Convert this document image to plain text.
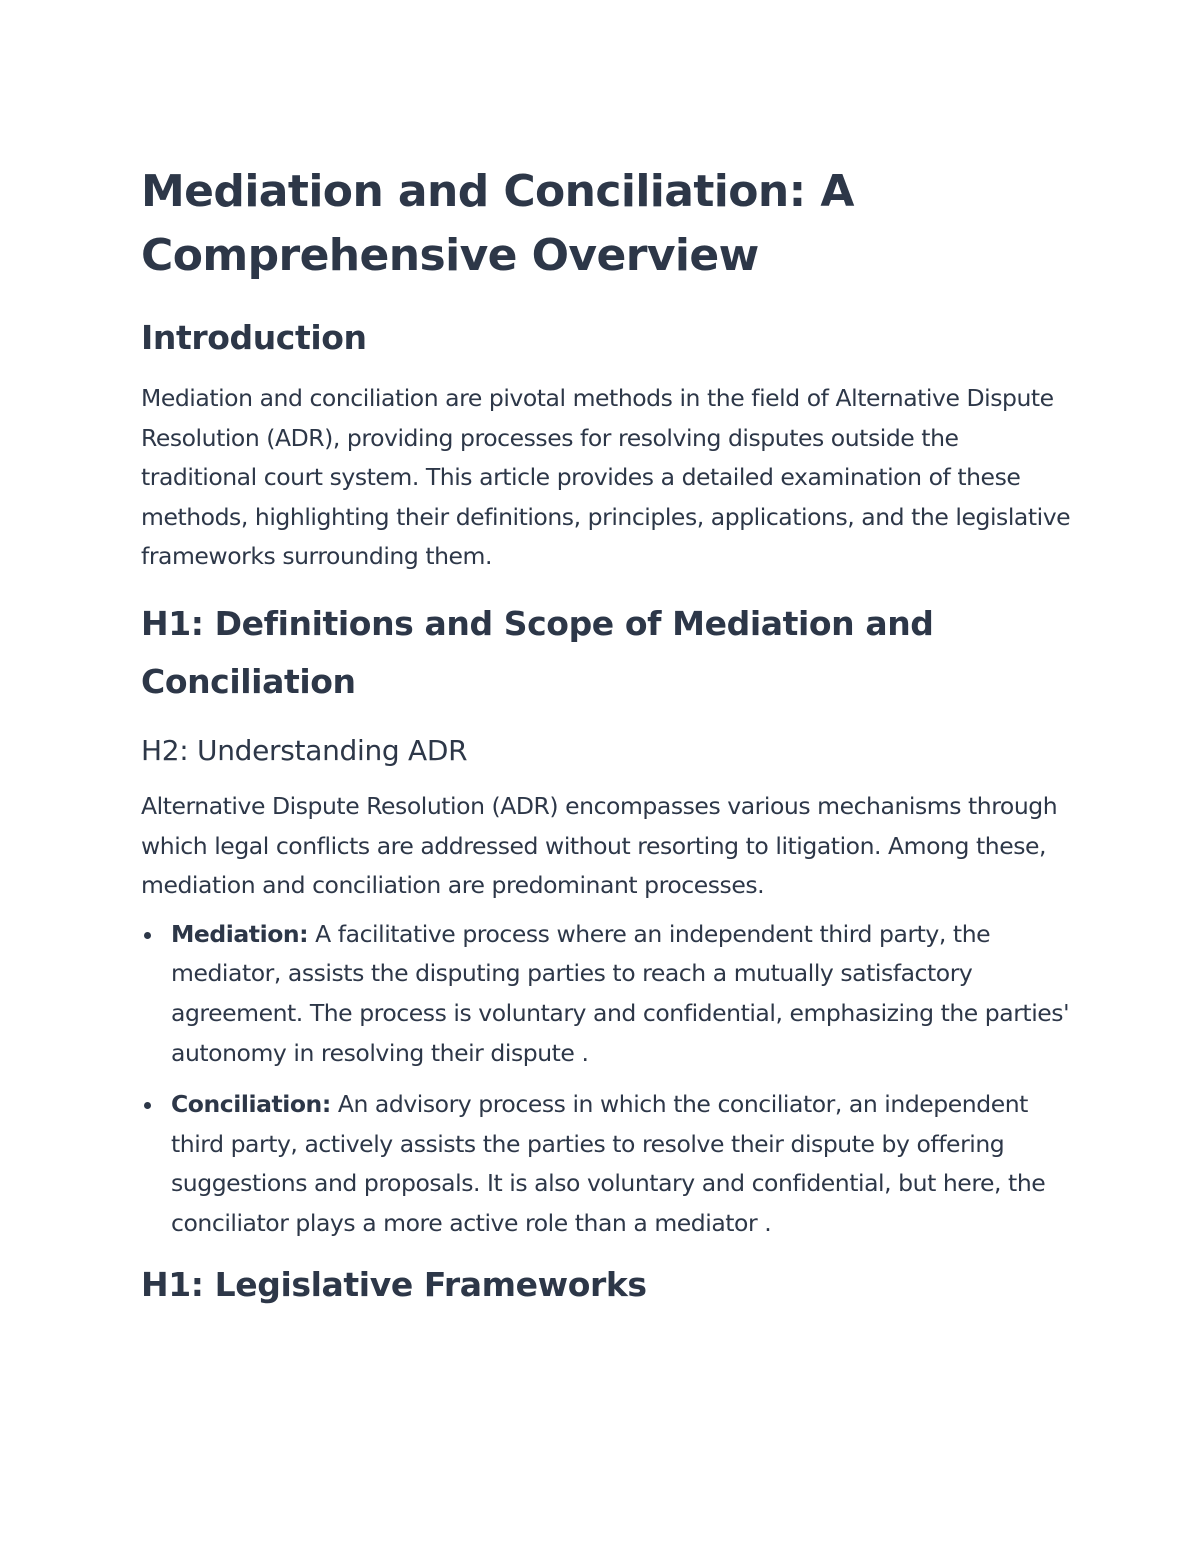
Mediation and Conciliation: A Comprehensive Overview
Introduction

Mediation and conciliation are pivotal methods in the field of Alternative Dispute Resolution (ADR), providing processes for resolving disputes outside the traditional court system. This article provides a detailed examination of these methods, highlighting their definitions, principles, applications, and the legislative frameworks surrounding them.

H1: Definitions and Scope of Mediation and Conciliation
H2: Understanding ADR

Alternative Dispute Resolution (ADR) encompasses various mechanisms through which legal conflicts are addressed without resorting to litigation. Among these, mediation and conciliation are predominant processes.

Mediation: A facilitative process where an independent third party, the mediator, assists the disputing parties to reach a mutually satisfactory agreement. The process is voluntary and confidential, emphasizing the parties' autonomy in resolving their dispute .
Conciliation: An advisory process in which the conciliator, an independent third party, actively assists the parties to resolve their dispute by offering suggestions and proposals. It is also voluntary and confidential, but here, the conciliator plays a more active role than a mediator .
H1: Legislative Frameworks
